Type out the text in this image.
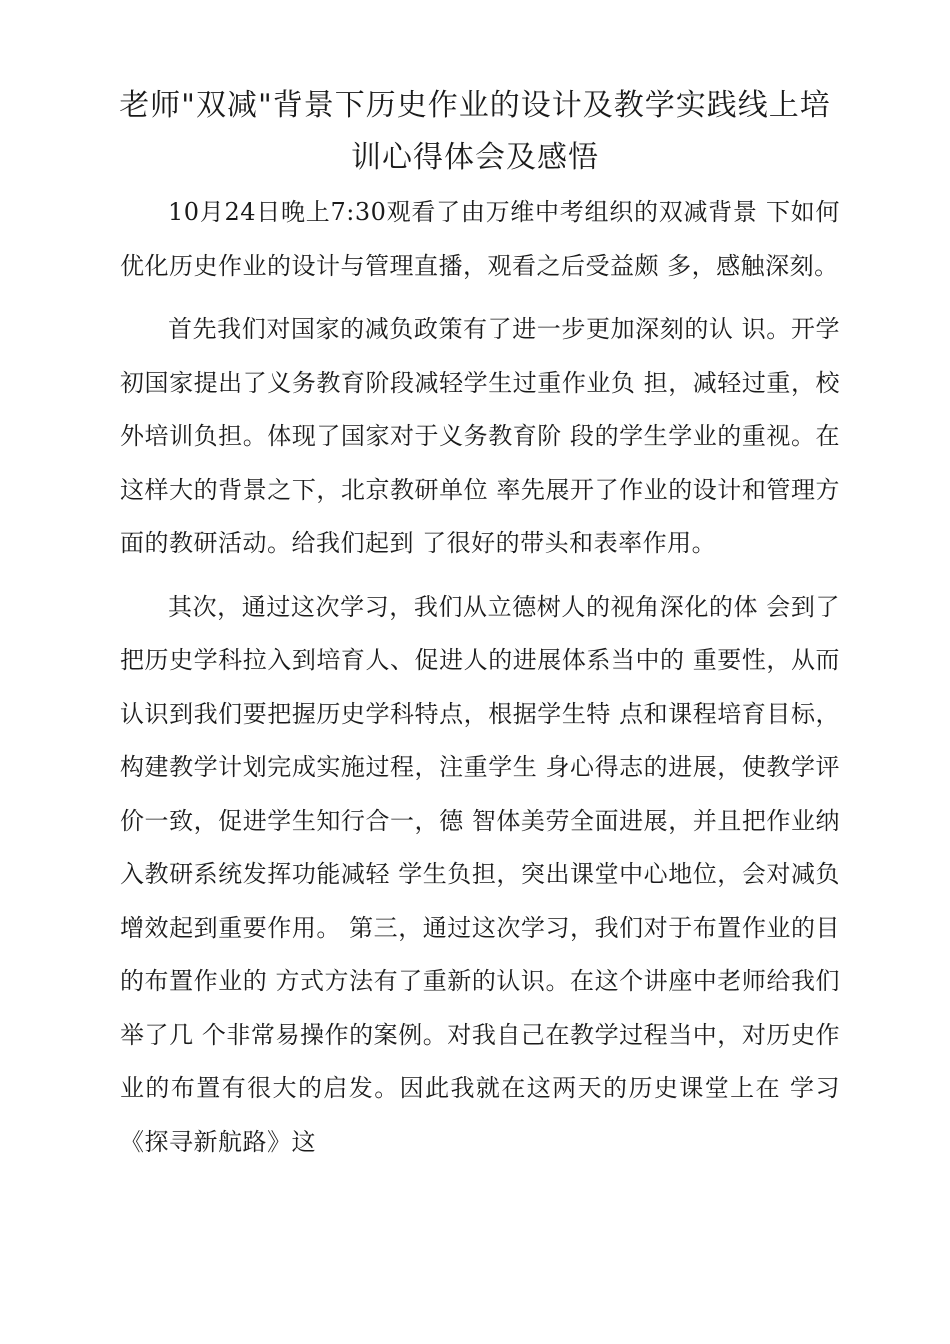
老师"双减"背景下历史作业的设计及教学实践线上培训心得体会及感悟

10月24日晚上7:30观看了由万维中考组织的双减背景 下如何优化历史作业的设计与管理直播，观看之后受益颇 多，感触深刻。

首先我们对国家的减负政策有了进一步更加深刻的认 识。开学初国家提出了义务教育阶段减轻学生过重作业负 担，减轻过重，校外培训负担。体现了国家对于义务教育阶 段的学生学业的重视。在这样大的背景之下，北京教研单位 率先展开了作业的设计和管理方面的教研活动。给我们起到 了很好的带头和表率作用。

其次，通过这次学习，我们从立德树人的视角深化的体 会到了把历史学科拉入到培育人、促进人的进展体系当中的 重要性，从而认识到我们要把握历史学科特点，根据学生特 点和课程培育目标，构建教学计划完成实施过程，注重学生 身心得志的进展，使教学评价一致，促进学生知行合一，德 智体美劳全面进展，并且把作业纳入教研系统发挥功能减轻 学生负担，突出课堂中心地位，会对减负增效起到重要作用。 第三，通过这次学习，我们对于布置作业的目的布置作业的 方式方法有了重新的认识。在这个讲座中老师给我们举了几 个非常易操作的案例。对我自己在教学过程当中，对历史作 业的布置有很大的启发。因此我就在这两天的历史课堂上在 学习《探寻新航路》这
